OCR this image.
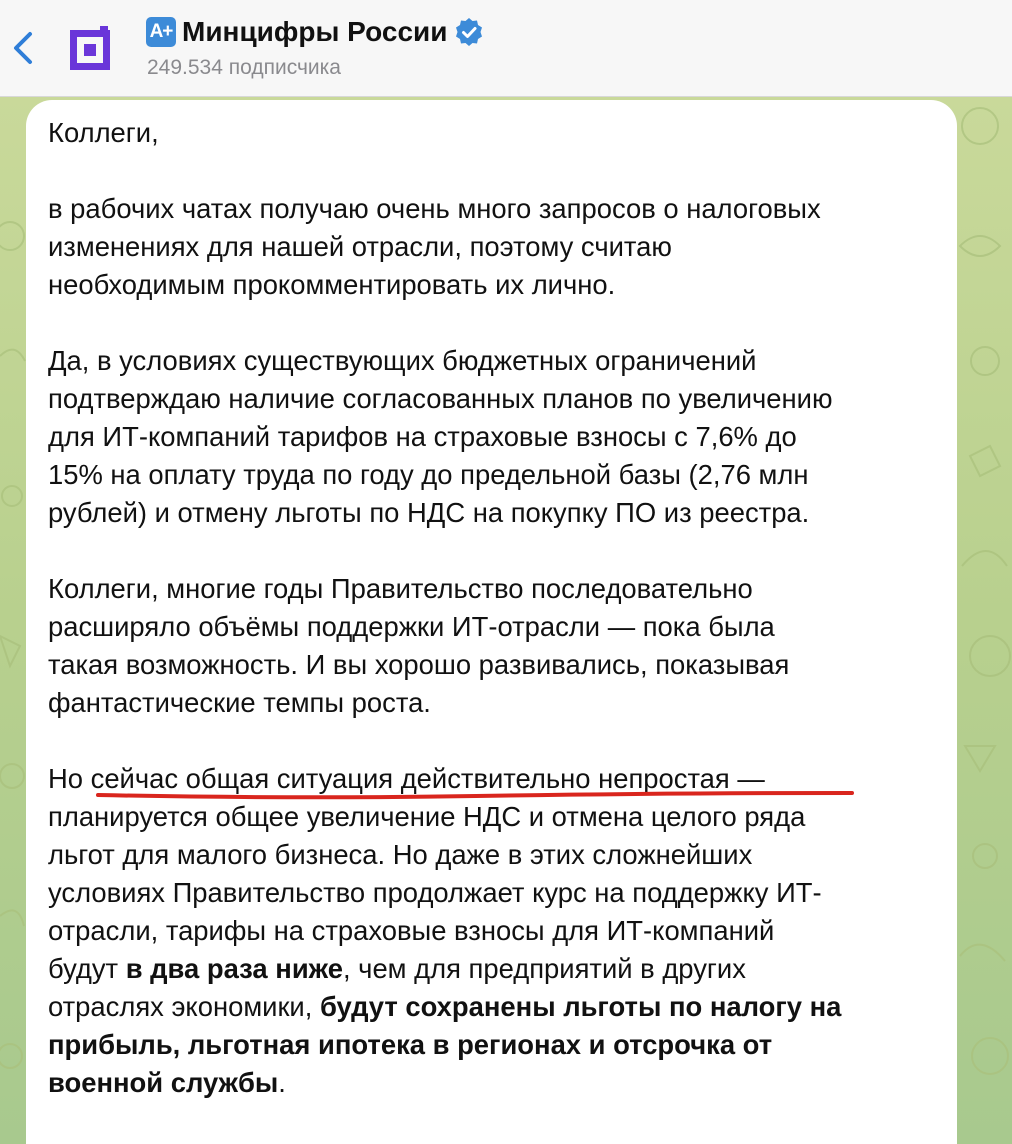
A+ Минцифры России
249.534 подписчика
Коллеги,
в рабочих чатах получаю очень много запросов о налоговых
изменениях для нашей отрасли, поэтому считаю
необходимым прокомментировать их лично.
Да, в условиях существующих бюджетных ограничений
подтверждаю наличие согласованных планов по увеличению
для ИТ-компаний тарифов на страховые взносы с 7,6% до
15% на оплату труда по году до предельной базы (2,76 млн
рублей) и отмену льготы по НДС на покупку ПО из реестра.
Коллеги, многие годы Правительство последовательно
расширяло объёмы поддержки ИТ-отрасли — пока была
такая возможность. И вы хорошо развивались, показывая
фантастические темпы роста.
Но сейчас общая ситуация действительно непростая —
планируется общее увеличение НДС и отмена целого ряда
льгот для малого бизнеса. Но даже в этих сложнейших
условиях Правительство продолжает курс на поддержку ИТ-
отрасли, тарифы на страховые взносы для ИТ-компаний
будут в два раза ниже, чем для предприятий в других
отраслях экономики, будут сохранены льготы по налогу на
прибыль, льготная ипотека в регионах и отсрочка от
военной службы.
